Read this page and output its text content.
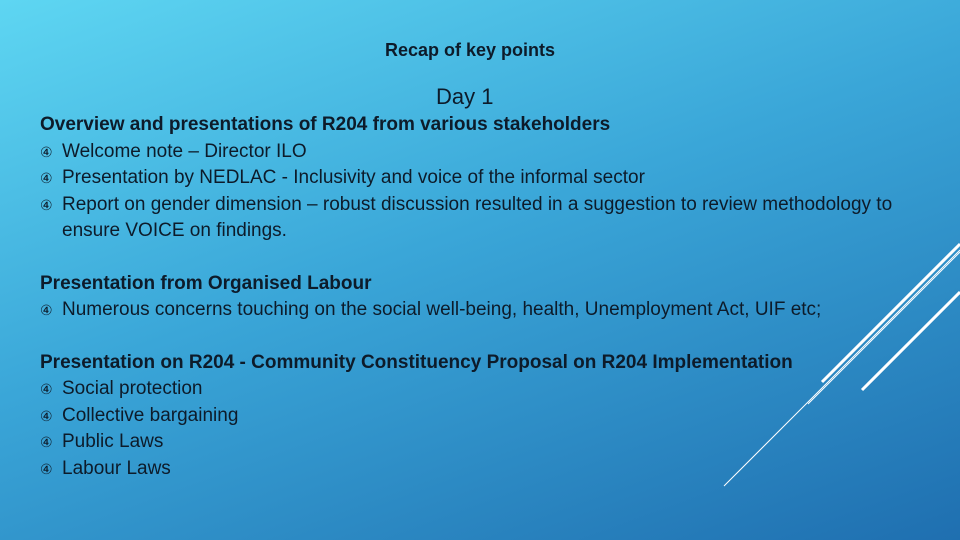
Recap of key points
Day 1
Overview and presentations of R204 from various stakeholders
④ Welcome note – Director ILO
④ Presentation by NEDLAC - Inclusivity and voice of the informal sector
④ Report on gender dimension – robust discussion resulted in a suggestion to review methodology to ensure VOICE on findings.
Presentation from Organised Labour
④ Numerous concerns touching on the social well-being, health, Unemployment Act, UIF etc;
Presentation on R204 - Community Constituency Proposal on R204 Implementation
④ Social protection
④ Collective bargaining
④ Public Laws
④ Labour Laws
